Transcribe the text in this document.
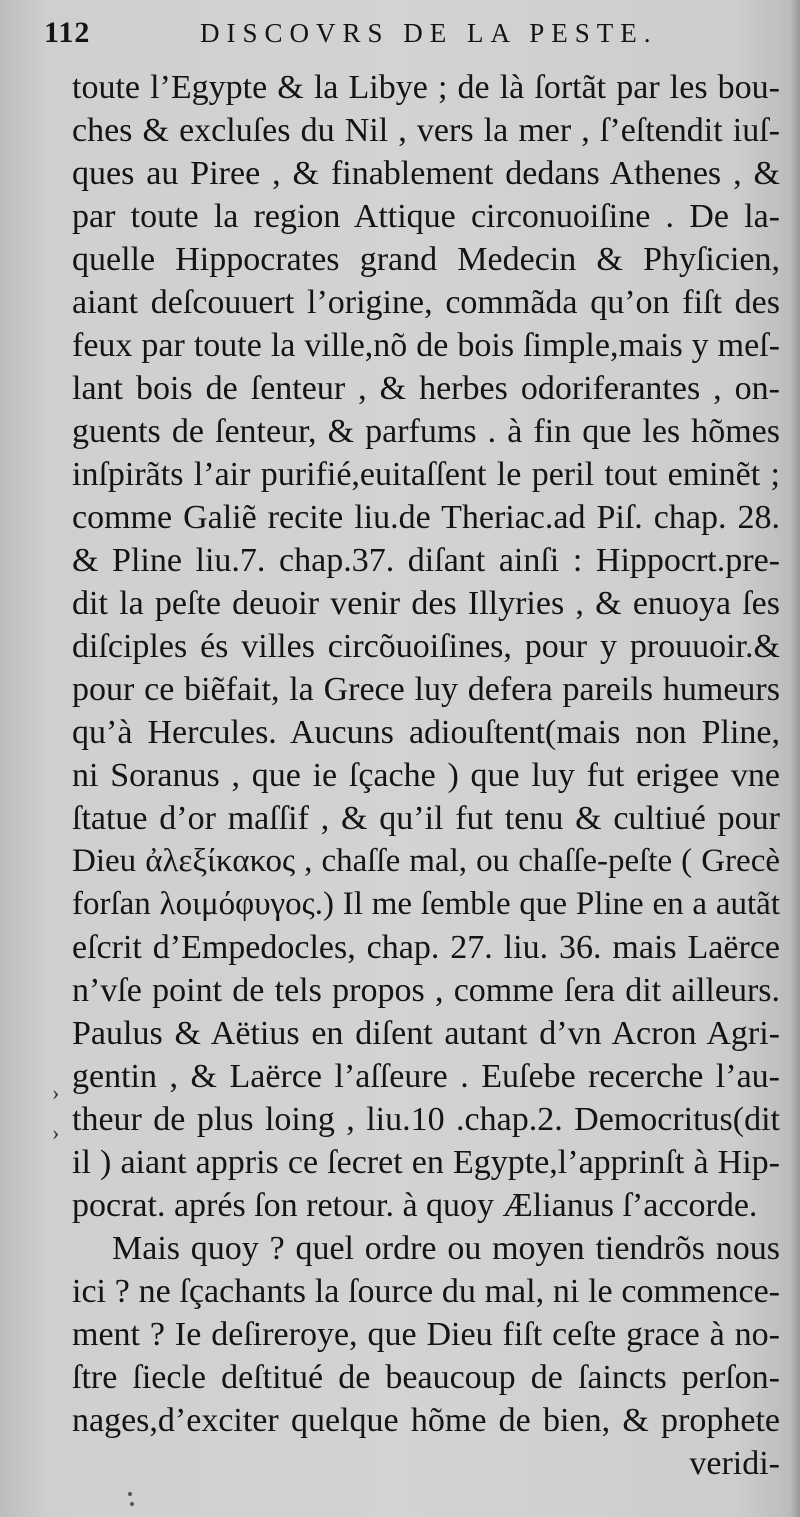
112	DISCOVRS DE LA PESTE.
toute l’Egypte & la Libye ; de là ſortãt par les bou-
ches & excluſes du Nil , vers la mer , ſ’eſtendit iuſ-
ques au Piree , & finablement dedans Athenes , &
par toute la region Attique circonuoiſine . De la-
quelle Hippocrates grand Medecin & Phyſicien,
aiant deſcouuert l’origine, commãda qu’on fiſt des
feux par toute la ville,nõ de bois ſimple,mais y meſ-
lant bois de ſenteur , & herbes odoriferantes , on-
guents de ſenteur, & parfums . à fin que les hõmes
inſpirãts l’air purifié,euitaſſent le peril tout eminẽt ;
comme Galiẽ recite liu.de Theriac.ad Piſ. chap. 28.
& Pline liu.7. chap.37. diſant ainſi : Hippocrt.pre-
dit la peſte deuoir venir des Illyries , & enuoya ſes
diſciples és villes circõuoiſines, pour y prouuoir.&
pour ce biẽfait, la Grece luy defera pareils humeurs
qu’à Hercules. Aucuns adiouſtent(mais non Pline,
ni Soranus , que ie ſçache ) que luy fut erigee vne
ſtatue d’or maſſif , & qu’il fut tenu & cultiué pour
Dieu ἀλεξίκακος , chaſſe mal, ou chaſſe-peſte ( Grecè
forſan λοιμόφυγος.) Il me ſemble que Pline en a autãt
eſcrit d’Empedocles, chap. 27. liu. 36. mais Laërce
n’vſe point de tels propos , comme ſera dit ailleurs.
Paulus & Aëtius en diſent autant d’vn Acron Agri-
gentin , & Laërce l’aſſeure . Euſebe recerche l’au-
theur de plus loing , liu.10 .chap.2. Democritus(dit
il ) aiant appris ce ſecret en Egypte,l’apprinſt à Hip-
pocrat. aprés ſon retour. à quoy Ælianus ſ’accorde.
Mais quoy ? quel ordre ou moyen tiendrõs nous
ici ? ne ſçachants la ſource du mal, ni le commence-
ment ? Ie deſireroye, que Dieu fiſt ceſte grace à no-
ſtre ſiecle deſtitué de beaucoup de ſaincts perſon-
nages,d’exciter quelque hõme de bien, & prophete
veridi-
›
›
